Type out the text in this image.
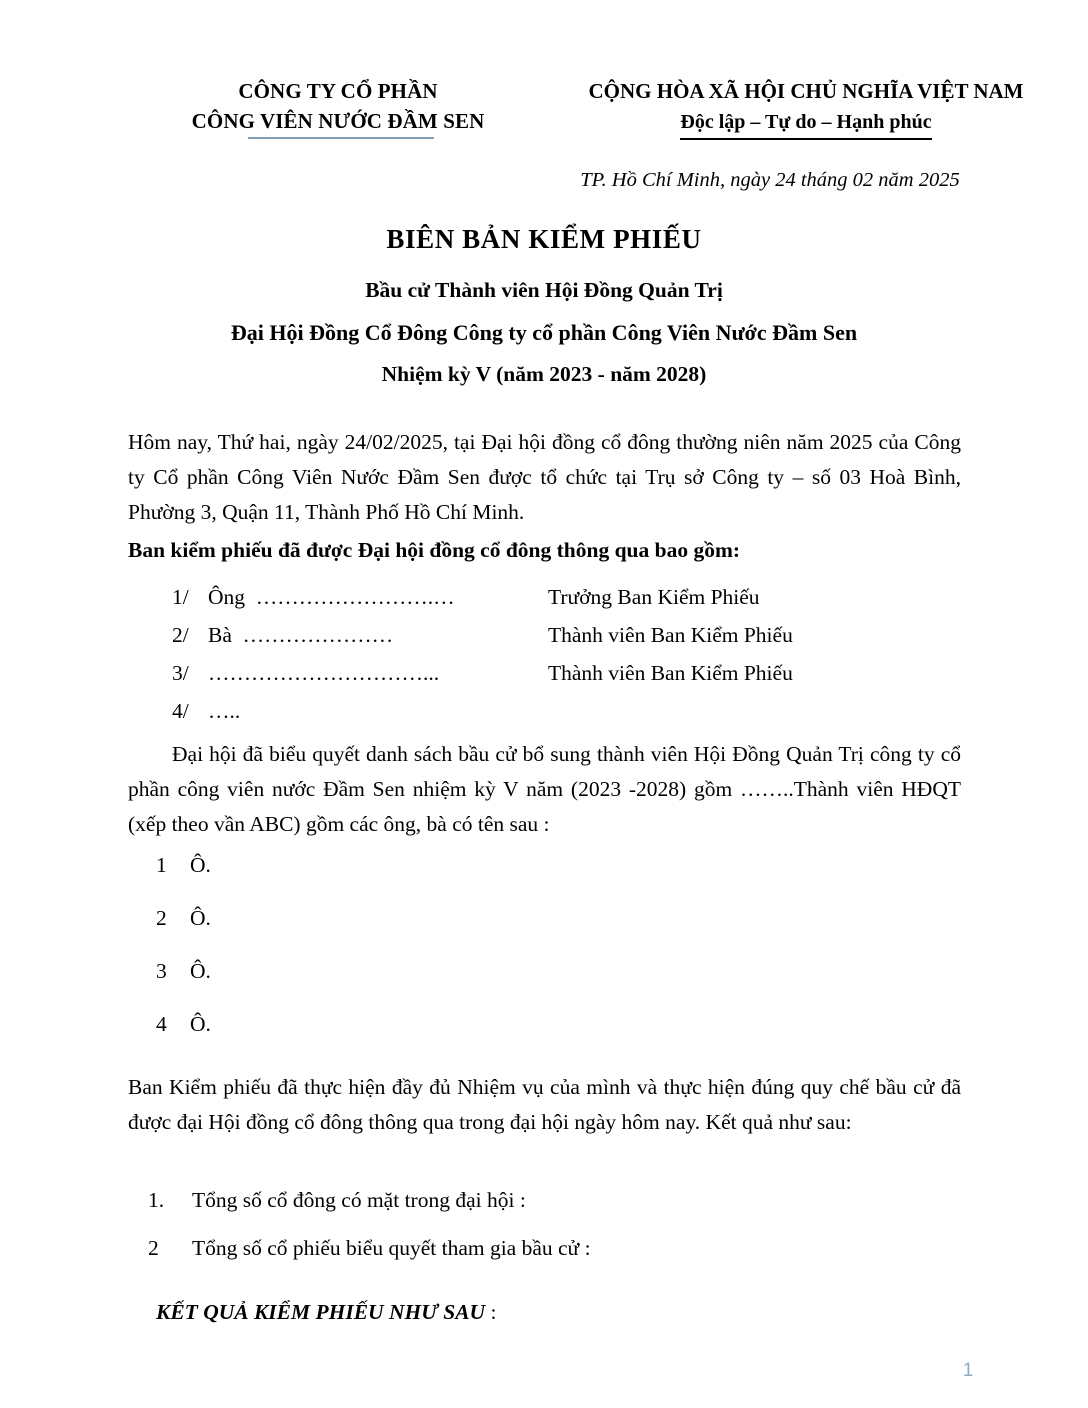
CÔNG TY CỔ PHẦN
CÔNG VIÊN NƯỚC ĐẦM SEN
CỘNG HÒA XÃ HỘI CHỦ NGHĨA VIỆT NAM
Độc lập – Tự do – Hạnh phúc
TP. Hồ Chí Minh, ngày 24 tháng 02 năm 2025
BIÊN BẢN KIỂM PHIẾU
Bầu cử Thành viên Hội Đồng Quản Trị
Đại Hội Đồng Cổ Đông Công ty cổ phần Công Viên Nước Đầm Sen
Nhiệm kỳ V (năm 2023 - năm 2028)
Hôm nay, Thứ hai, ngày 24/02/2025, tại Đại hội đồng cổ đông thường niên năm 2025 của Công ty Cổ phần Công Viên Nước Đầm Sen được tổ chức tại Trụ sở Công ty – số 03 Hoà Bình, Phường 3, Quận 11, Thành Phố Hồ Chí Minh.
Ban kiểm phiếu đã được Đại hội đồng cổ đông thông qua bao gồm:
1/ Ông  …………………….…	Trưởng Ban Kiểm Phiếu
2/ Bà  …………………	Thành viên Ban Kiểm Phiếu
3/ …………………………...	Thành viên Ban Kiểm Phiếu
4/ …..
Đại hội đã biểu quyết danh sách bầu cử bổ sung thành viên Hội Đồng Quản Trị công ty cổ phần công viên nước Đầm Sen nhiệm kỳ V năm (2023 -2028) gồm ……..Thành viên HĐQT (xếp theo vần ABC) gồm các ông, bà có tên sau :
1	Ô.
2	Ô.
3	Ô.
4	Ô.
Ban Kiểm phiếu đã thực hiện đầy đủ Nhiệm vụ của mình và thực hiện đúng quy chế bầu cử đã được đại Hội đồng cổ đông thông qua trong đại hội ngày hôm nay. Kết quả như sau:
1.	Tổng số cổ đông có mặt trong đại hội :
2	Tổng số cổ phiếu biểu quyết tham gia bầu cử :
KẾT QUẢ KIỂM PHIẾU NHƯ SAU :
1
